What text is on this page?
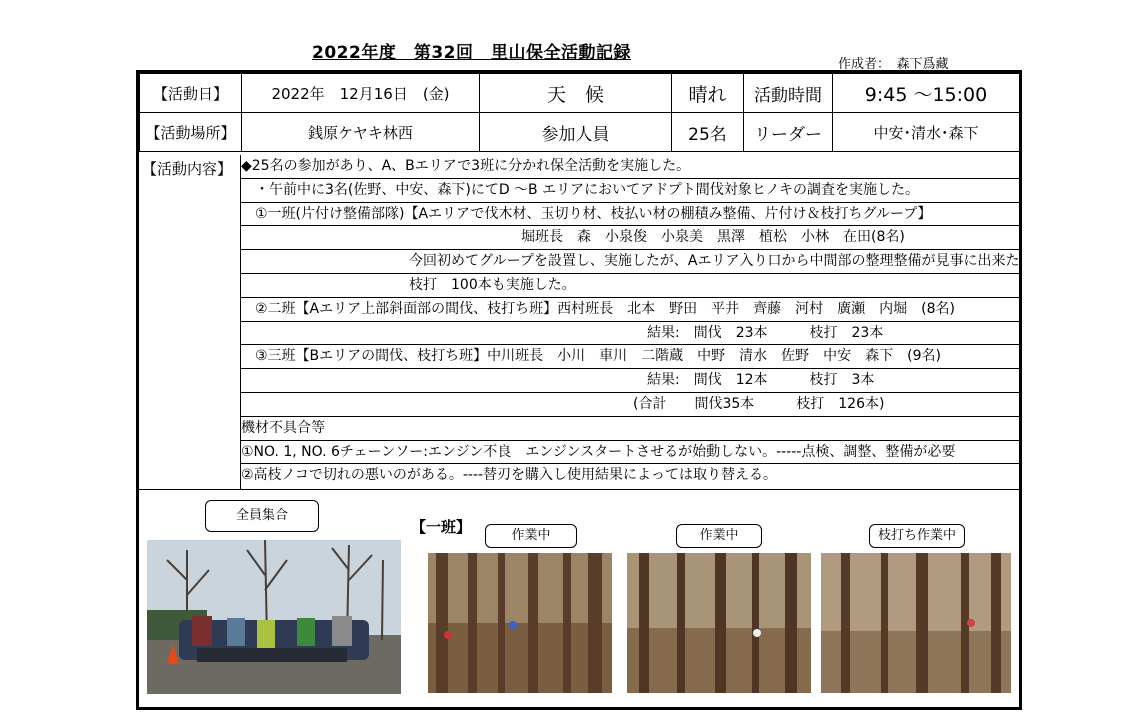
2022年度　第32回　里山保全活動記録
作成者：　森下爲藏
【活動日】	2022年　12月16日　(金)	天　候	晴れ	活動時間	9:45 ～15:00
【活動場所】	銭原ケヤキ林西	参加人員	25名	リーダー	中安･清水･森下
【活動内容】 ◆25名の参加があり、A、Bエリアで3班に分かれ保全活動を実施した。
　・午前中に3名(佐野、中安、森下)にてD ～B エリアにおいてアドプト間伐対象ヒノキの調査を実施した。
　①一班(片付け整備部隊)【Aエリアで伐木材、玉切り材、枝払い材の棚積み整備、片付け＆枝打ちグループ】
　　　　　　　　　　　　　　　　　　　　堀班長　森　小泉俊　小泉美　黒澤　植松　小林　在田(8名)
　　　　　　　　　　　　今回初めてグループを設置し、実施したが、Aエリア入り口から中間部の整理整備が見事に出来た
　　　　　　　　　　　　枝打　100本も実施した。
　②二班【Aエリア上部斜面部の間伐、枝打ち班】西村班長　北本　野田　平井　齊藤　河村　廣瀬　内堀　(8名)
　　　　　　　　　　　　　　　　　　　　　　　　　　　　　結果:　間伐　23本　　　枝打　23本
　③三班【Bエリアの間伐、枝打ち班】中川班長　小川　車川　二階蔵　中野　清水　佐野　中安　森下　(9名)
　　　　　　　　　　　　　　　　　　　　　　　　　　　　　結果:　間伐　12本　　　枝打　3本
　　　　　　　　　　　　　　　　　　　　　　　　　　　　(合計　　間伐35本　　　枝打　126本)
機材不具合等
①NO. 1, NO. 6チェーンソー:エンジン不良　エンジンスタートさせるが始動しない。-----点検、調整、整備が必要
②高枝ノコで切れの悪いのがある。----替刃を購入し使用結果によっては取り替える。
全員集合
【一班】	作業中	作業中	枝打ち作業中
